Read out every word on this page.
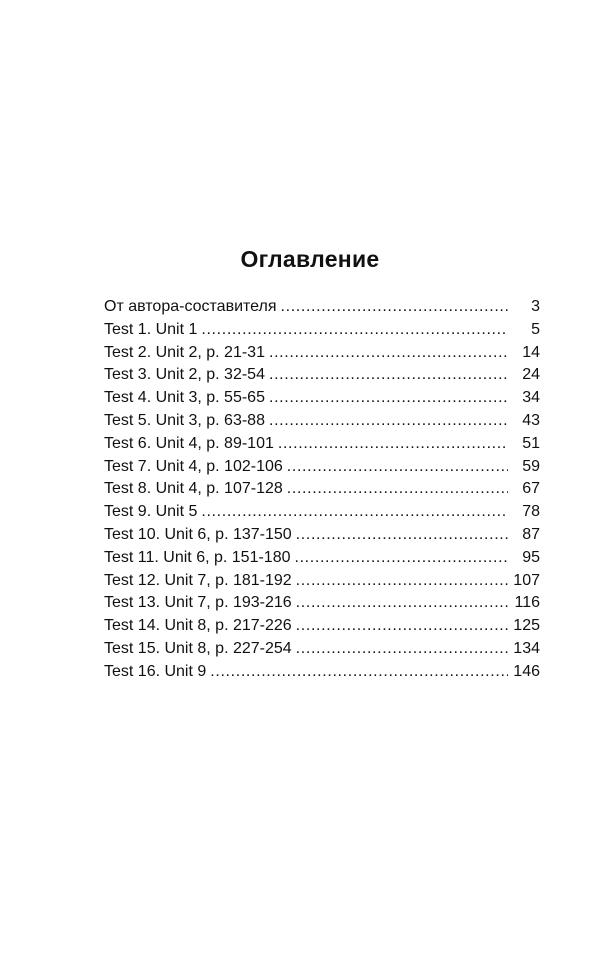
Оглавление
От автора-составителя . . .	3
Test 1. Unit 1 . . .	5
Test 2. Unit 2, p. 21-31 . . .	14
Test 3. Unit 2, p. 32-54 . . .	24
Test 4. Unit 3, p. 55-65 . . .	34
Test 5. Unit 3, p. 63-88 . . .	43
Test 6. Unit 4, p. 89-101 . . .	51
Test 7. Unit 4, p. 102-106 . . .	59
Test 8. Unit 4, p. 107-128 . . .	67
Test 9. Unit 5 . . .	78
Test 10. Unit 6, p. 137-150 . . .	87
Test 11. Unit 6, p. 151-180 . . .	95
Test 12. Unit 7, p. 181-192 . . .	107
Test 13. Unit 7, p. 193-216 . . .	116
Test 14. Unit 8, p. 217-226 . . .	125
Test 15. Unit 8, p. 227-254 . . .	134
Test 16. Unit 9 . . .	146
